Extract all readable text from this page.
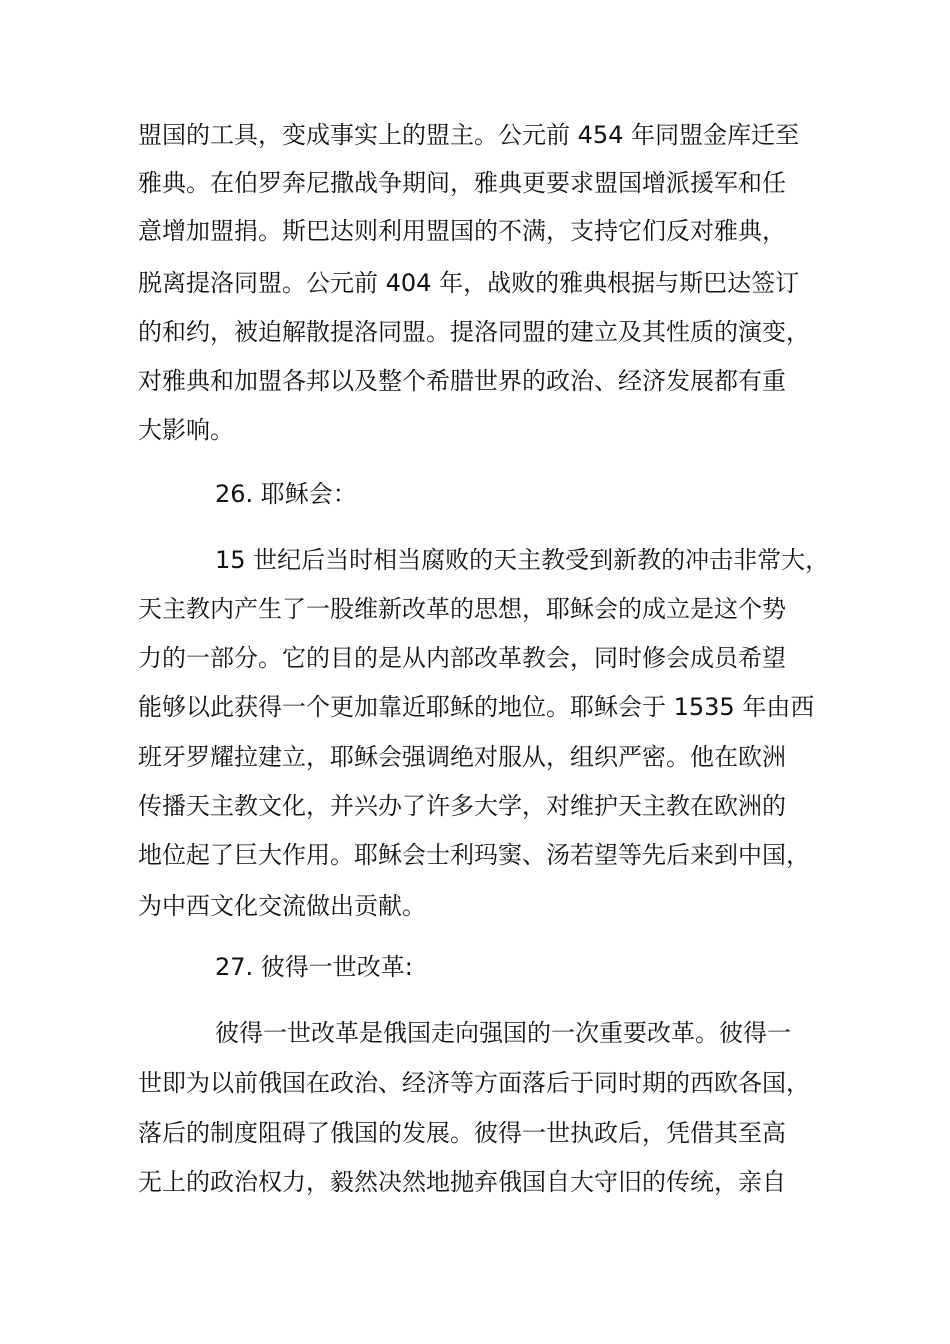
盟国的工具，变成事实上的盟主。公元前 454 年同盟金库迁至
雅典。在伯罗奔尼撒战争期间，雅典更要求盟国增派援军和任
意增加盟捐。斯巴达则利用盟国的不满，支持它们反对雅典，
脱离提洛同盟。公元前 404 年，战败的雅典根据与斯巴达签订
的和约，被迫解散提洛同盟。提洛同盟的建立及其性质的演变，
对雅典和加盟各邦以及整个希腊世界的政治、经济发展都有重
大影响。
26. 耶稣会：
15 世纪后当时相当腐败的天主教受到新教的冲击非常大，
天主教内产生了一股维新改革的思想，耶稣会的成立是这个势
力的一部分。它的目的是从内部改革教会，同时修会成员希望
能够以此获得一个更加靠近耶稣的地位。耶稣会于 1535 年由西
班牙罗耀拉建立，耶稣会强调绝对服从，组织严密。他在欧洲
传播天主教文化，并兴办了许多大学，对维护天主教在欧洲的
地位起了巨大作用。耶稣会士利玛窦、汤若望等先后来到中国，
为中西文化交流做出贡献。
27. 彼得一世改革:
彼得一世改革是俄国走向强国的一次重要改革。彼得一
世即为以前俄国在政治、经济等方面落后于同时期的西欧各国，
落后的制度阻碍了俄国的发展。彼得一世执政后，凭借其至高
无上的政治权力，毅然决然地抛弃俄国自大守旧的传统，亲自
